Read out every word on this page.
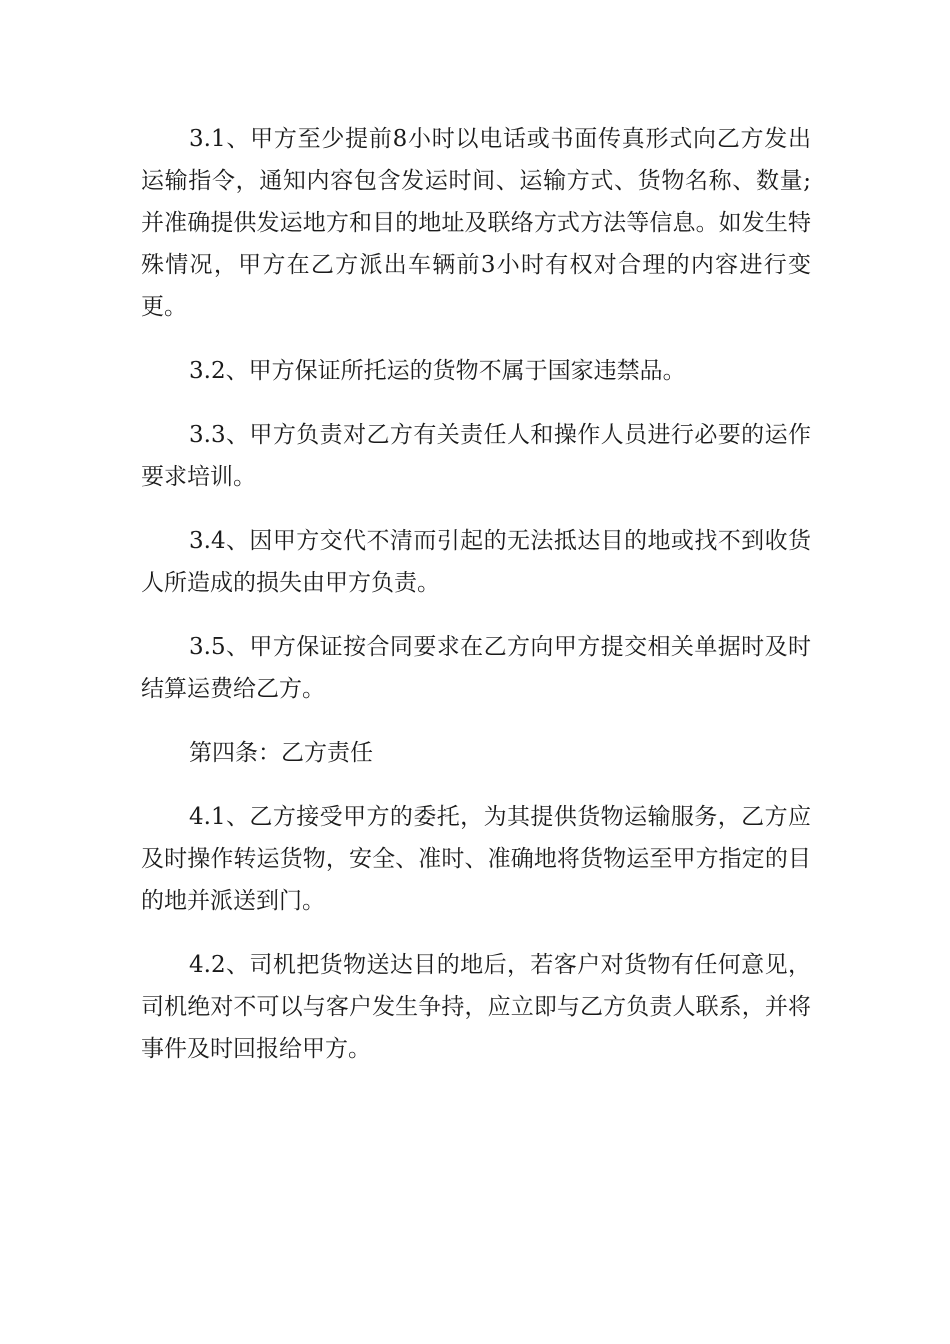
3.1、甲方至少提前8小时以电话或书面传真形式向乙方发出运输指令，通知内容包含发运时间、运输方式、货物名称、数量;并准确提供发运地方和目的地址及联络方式方法等信息。如发生特殊情况，甲方在乙方派出车辆前3小时有权对合理的内容进行变更。

3.2、甲方保证所托运的货物不属于国家违禁品。

3.3、甲方负责对乙方有关责任人和操作人员进行必要的运作要求培训。

3.4、因甲方交代不清而引起的无法抵达目的地或找不到收货人所造成的损失由甲方负责。

3.5、甲方保证按合同要求在乙方向甲方提交相关单据时及时结算运费给乙方。

第四条：乙方责任

4.1、乙方接受甲方的委托，为其提供货物运输服务，乙方应及时操作转运货物，安全、准时、准确地将货物运至甲方指定的目的地并派送到门。

4.2、司机把货物送达目的地后，若客户对货物有任何意见，司机绝对不可以与客户发生争持，应立即与乙方负责人联系，并将事件及时回报给甲方。
